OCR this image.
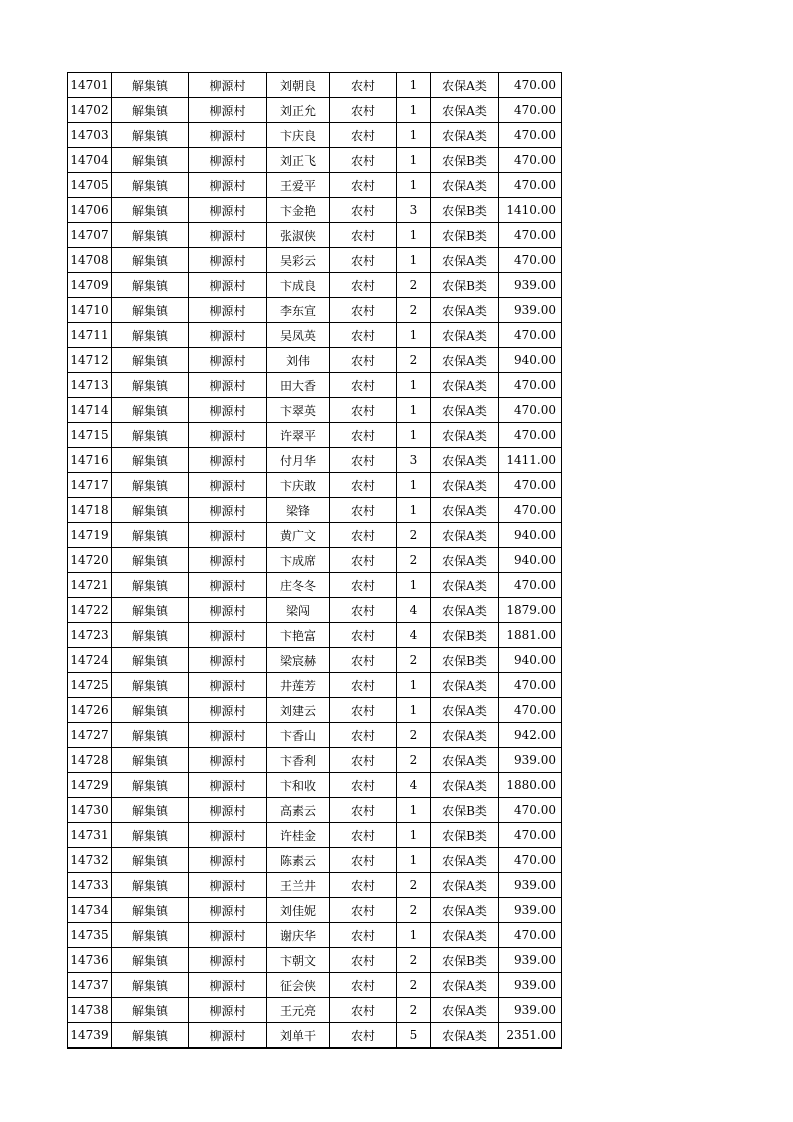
14701	解集镇	柳源村	刘朝良	农村	1	农保A类	470.00
14702	解集镇	柳源村	刘正允	农村	1	农保A类	470.00
14703	解集镇	柳源村	卞庆良	农村	1	农保A类	470.00
14704	解集镇	柳源村	刘正飞	农村	1	农保B类	470.00
14705	解集镇	柳源村	王爱平	农村	1	农保A类	470.00
14706	解集镇	柳源村	卞金艳	农村	3	农保B类	1410.00
14707	解集镇	柳源村	张淑侠	农村	1	农保B类	470.00
14708	解集镇	柳源村	吴彩云	农村	1	农保A类	470.00
14709	解集镇	柳源村	卞成良	农村	2	农保B类	939.00
14710	解集镇	柳源村	李东宣	农村	2	农保A类	939.00
14711	解集镇	柳源村	吴凤英	农村	1	农保A类	470.00
14712	解集镇	柳源村	刘伟	农村	2	农保A类	940.00
14713	解集镇	柳源村	田大香	农村	1	农保A类	470.00
14714	解集镇	柳源村	卞翠英	农村	1	农保A类	470.00
14715	解集镇	柳源村	许翠平	农村	1	农保A类	470.00
14716	解集镇	柳源村	付月华	农村	3	农保A类	1411.00
14717	解集镇	柳源村	卞庆敢	农村	1	农保A类	470.00
14718	解集镇	柳源村	梁锋	农村	1	农保A类	470.00
14719	解集镇	柳源村	黄广文	农村	2	农保A类	940.00
14720	解集镇	柳源村	卞成席	农村	2	农保A类	940.00
14721	解集镇	柳源村	庄冬冬	农村	1	农保A类	470.00
14722	解集镇	柳源村	梁闯	农村	4	农保A类	1879.00
14723	解集镇	柳源村	卞艳富	农村	4	农保B类	1881.00
14724	解集镇	柳源村	梁宸赫	农村	2	农保B类	940.00
14725	解集镇	柳源村	井莲芳	农村	1	农保A类	470.00
14726	解集镇	柳源村	刘建云	农村	1	农保A类	470.00
14727	解集镇	柳源村	卞香山	农村	2	农保A类	942.00
14728	解集镇	柳源村	卞香利	农村	2	农保A类	939.00
14729	解集镇	柳源村	卞和收	农村	4	农保A类	1880.00
14730	解集镇	柳源村	高素云	农村	1	农保B类	470.00
14731	解集镇	柳源村	许桂金	农村	1	农保B类	470.00
14732	解集镇	柳源村	陈素云	农村	1	农保A类	470.00
14733	解集镇	柳源村	王兰井	农村	2	农保A类	939.00
14734	解集镇	柳源村	刘佳妮	农村	2	农保A类	939.00
14735	解集镇	柳源村	谢庆华	农村	1	农保A类	470.00
14736	解集镇	柳源村	卞朝文	农村	2	农保B类	939.00
14737	解集镇	柳源村	征会侠	农村	2	农保A类	939.00
14738	解集镇	柳源村	王元亮	农村	2	农保A类	939.00
14739	解集镇	柳源村	刘单干	农村	5	农保A类	2351.00
